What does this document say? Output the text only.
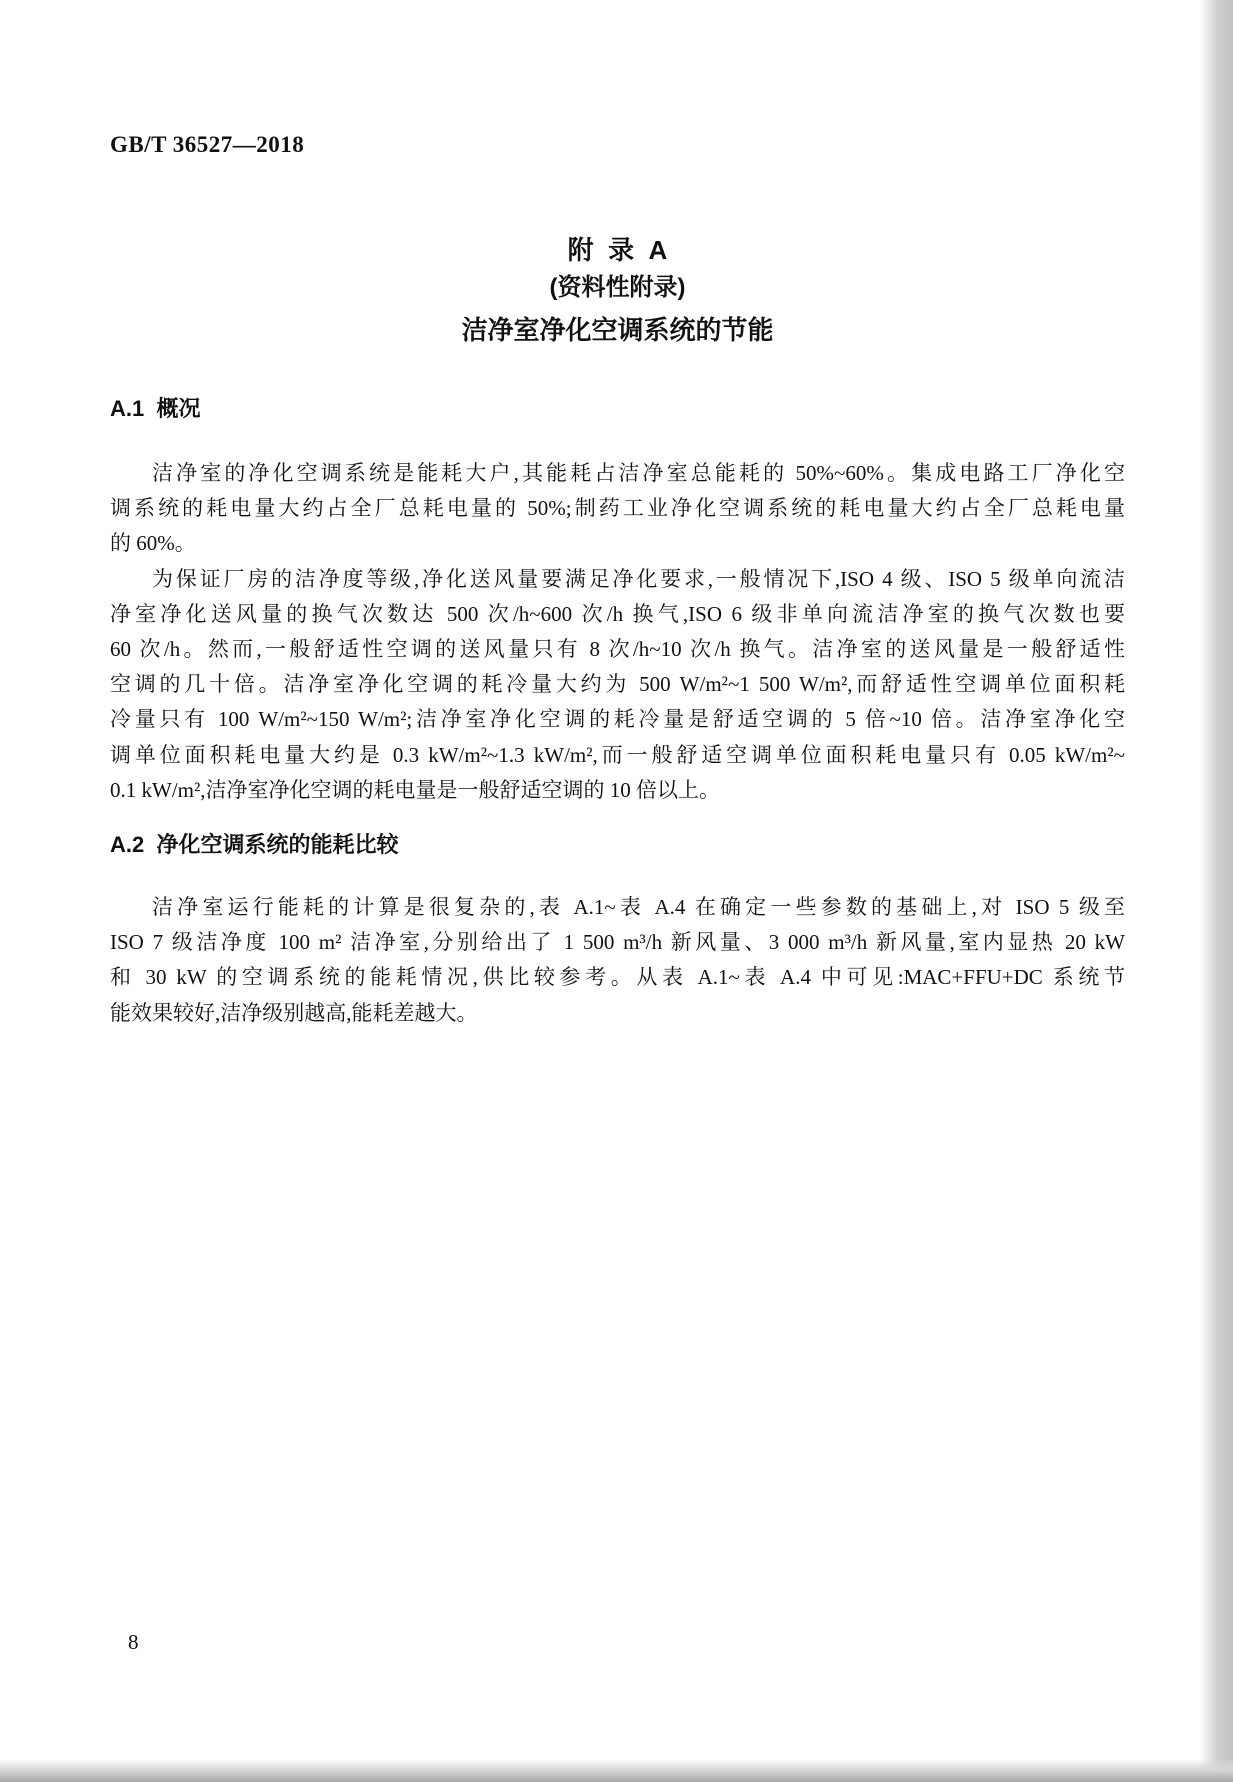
GB/T 36527—2018
附  录  A
(资料性附录)
洁净室净化空调系统的节能
A.1  概况
洁净室的净化空调系统是能耗大户,其能耗占洁净室总能耗的 50%~60%。集成电路工厂净化空
调系统的耗电量大约占全厂总耗电量的 50%;制药工业净化空调系统的耗电量大约占全厂总耗电量
的 60%。
为保证厂房的洁净度等级,净化送风量要满足净化要求,一般情况下,ISO 4 级、ISO 5 级单向流洁
净室净化送风量的换气次数达 500 次/h~600 次/h 换气,ISO 6 级非单向流洁净室的换气次数也要
60 次/h。然而,一般舒适性空调的送风量只有 8 次/h~10 次/h 换气。洁净室的送风量是一般舒适性
空调的几十倍。洁净室净化空调的耗冷量大约为 500 W/m²~1 500 W/m²,而舒适性空调单位面积耗
冷量只有 100 W/m²~150 W/m²;洁净室净化空调的耗冷量是舒适空调的 5 倍~10 倍。洁净室净化空
调单位面积耗电量大约是 0.3 kW/m²~1.3 kW/m²,而一般舒适空调单位面积耗电量只有 0.05 kW/m²~
0.1 kW/m²,洁净室净化空调的耗电量是一般舒适空调的 10 倍以上。
A.2  净化空调系统的能耗比较
洁净室运行能耗的计算是很复杂的,表 A.1~表 A.4 在确定一些参数的基础上,对 ISO 5 级至
ISO 7 级洁净度 100 m² 洁净室,分别给出了 1 500 m³/h 新风量、3 000 m³/h 新风量,室内显热 20 kW
和 30 kW 的空调系统的能耗情况,供比较参考。从表 A.1~表 A.4 中可见:MAC+FFU+DC 系统节
能效果较好,洁净级别越高,能耗差越大。
8
